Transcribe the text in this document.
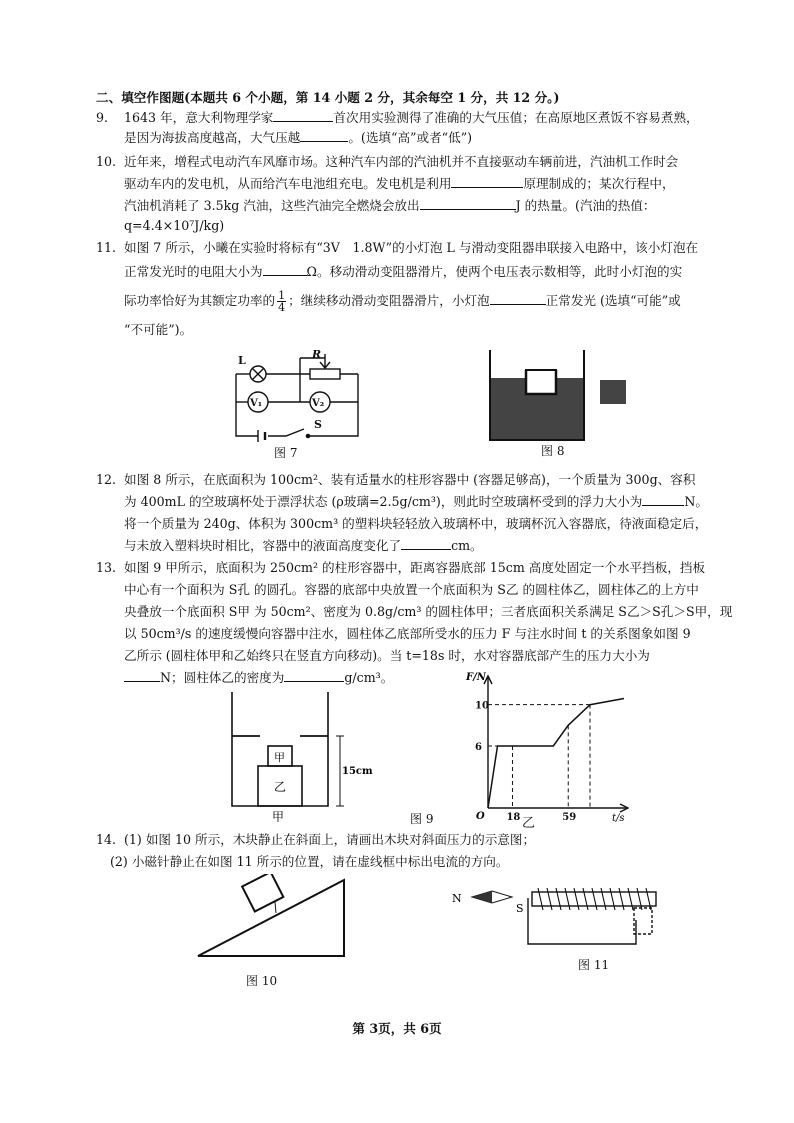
二、填空作图题(本题共 6 个小题，第 14 小题 2 分，其余每空 1 分，共 12 分。)
9. 1643 年，意大利物理学家	首次用实验测得了准确的大气压值；在高原地区煮饭不容易煮熟，
是因为海拔高度越高，大气压越	。(选填“高”或者“低”)
10. 近年来，增程式电动汽车风靡市场。这种汽车内部的汽油机并不直接驱动车辆前进，汽油机工作时会
驱动车内的发电机，从而给汽车电池组充电。发电机是利用	原理制成的；某次行程中，
汽油机消耗了 3.5kg 汽油，这些汽油完全燃烧会放出	J 的热量。(汽油的热值：
q=4.4×10⁷J/kg)
11. 如图 7 所示，小曦在实验时将标有“3V　1.8W”的小灯泡 L 与滑动变阻器串联接入电路中，该小灯泡在
正常发光时的电阻大小为	Ω。移动滑动变阻器滑片，使两个电压表示数相等，此时小灯泡的实
际功率恰好为其额定功率的 $\frac{1}{4}$ ；继续移动滑动变阻器滑片，小灯泡	正常发光 (选填“可能”或
“不可能”)。
L	R
V₁	V₂
S
图 7	图 8
12. 如图 8 所示，在底面积为 100cm²、装有适量水的柱形容器中 (容器足够高)，一个质量为 300g、容积
为 400mL 的空玻璃杯处于漂浮状态 (ρ玻璃=2.5g/cm³)，则此时空玻璃杯受到的浮力大小为	N。
将一个质量为 240g、体积为 300cm³ 的塑料块轻轻放入玻璃杯中，玻璃杯沉入容器底，待液面稳定后，
与未放入塑料块时相比，容器中的液面高度变化了	cm。
13. 如图 9 甲所示，底面积为 250cm² 的柱形容器中，距离容器底部 15cm 高度处固定一个水平挡板，挡板
中心有一个面积为 S孔 的圆孔。容器的底部中央放置一个底面积为 S乙 的圆柱体乙，圆柱体乙的上方中
央叠放一个底面积 S甲 为 50cm²、密度为 0.8g/cm³ 的圆柱体甲；三者底面积关系满足 S乙＞S孔＞S甲，现
以 50cm³/s 的速度缓慢向容器中注水，圆柱体乙底部所受水的压力 F 与注水时间 t 的关系图象如图 9
乙所示 (圆柱体甲和乙始终只在竖直方向移动)。当 t=18s 时，水对容器底部产生的压力大小为
N；圆柱体乙的密度为	g/cm³。
甲
乙
15cm
甲	图 9
6
10
18	59
F/N
t/s
O	乙
14. (1) 如图 10 所示，木块静止在斜面上，请画出木块对斜面压力的示意图；
(2) 小磁针静止在如图 11 所示的位置，请在虚线框中标出电流的方向。
图 10
N
S
图 11
第 3页，共 6页
